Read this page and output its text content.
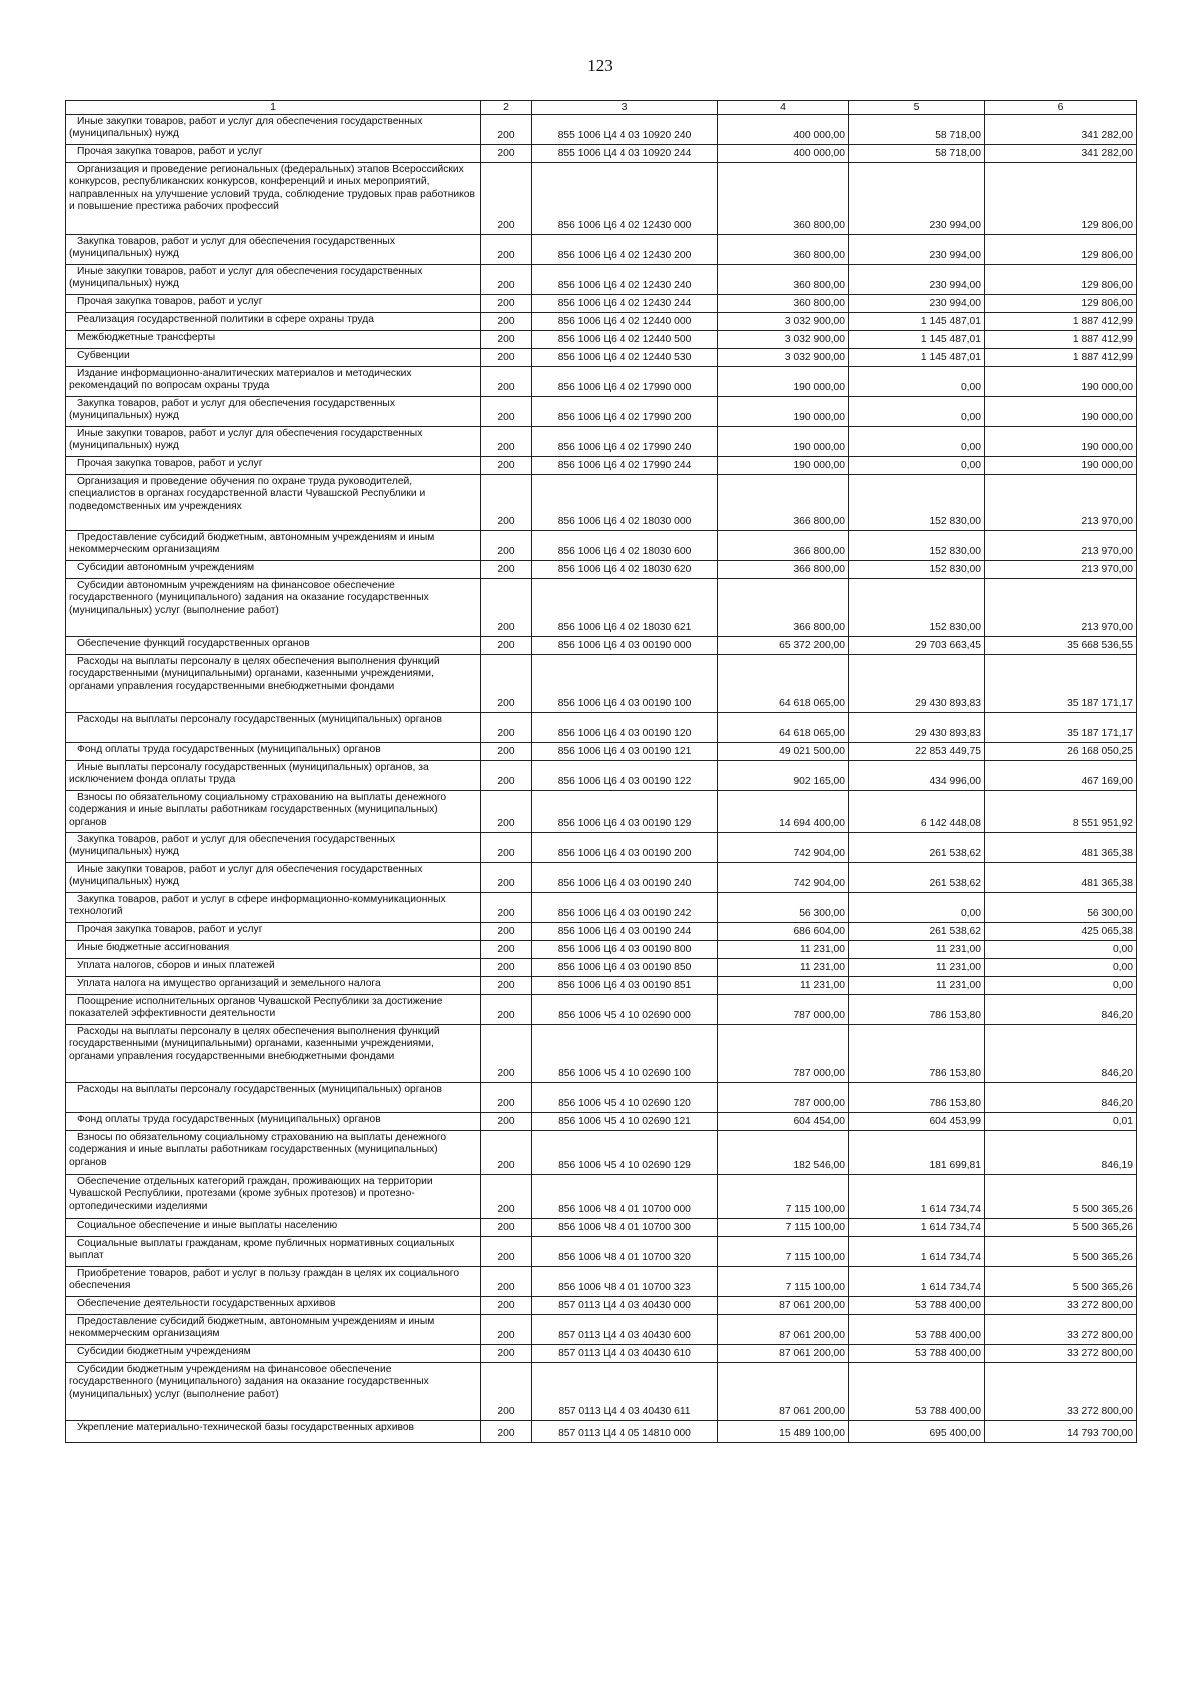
123
1	2	3	4	5	6
Иные закупки товаров, работ и услуг для обеспечения государственных (муниципальных) нужд	200	855 1006 Ц4 4 03 10920 240	400 000,00	58 718,00	341 282,00
Прочая закупка товаров, работ и услуг	200	855 1006 Ц4 4 03 10920 244	400 000,00	58 718,00	341 282,00
Организация и проведение региональных (федеральных) этапов Всероссийских конкурсов, республиканских конкурсов, конференций и иных мероприятий, направленных на улучшение условий труда, соблюдение трудовых прав работников и повышение престижа рабочих профессий	200	856 1006 Ц6 4 02 12430 000	360 800,00	230 994,00	129 806,00
Закупка товаров, работ и услуг для обеспечения государственных (муниципальных) нужд	200	856 1006 Ц6 4 02 12430 200	360 800,00	230 994,00	129 806,00
Иные закупки товаров, работ и услуг для обеспечения государственных (муниципальных) нужд	200	856 1006 Ц6 4 02 12430 240	360 800,00	230 994,00	129 806,00
Прочая закупка товаров, работ и услуг	200	856 1006 Ц6 4 02 12430 244	360 800,00	230 994,00	129 806,00
Реализация государственной политики в сфере охраны труда	200	856 1006 Ц6 4 02 12440 000	3 032 900,00	1 145 487,01	1 887 412,99
Межбюджетные трансферты	200	856 1006 Ц6 4 02 12440 500	3 032 900,00	1 145 487,01	1 887 412,99
Субвенции	200	856 1006 Ц6 4 02 12440 530	3 032 900,00	1 145 487,01	1 887 412,99
Издание информационно-аналитических материалов и методических рекомендаций по вопросам охраны труда	200	856 1006 Ц6 4 02 17990 000	190 000,00	0,00	190 000,00
Закупка товаров, работ и услуг для обеспечения государственных (муниципальных) нужд	200	856 1006 Ц6 4 02 17990 200	190 000,00	0,00	190 000,00
Иные закупки товаров, работ и услуг для обеспечения государственных (муниципальных) нужд	200	856 1006 Ц6 4 02 17990 240	190 000,00	0,00	190 000,00
Прочая закупка товаров, работ и услуг	200	856 1006 Ц6 4 02 17990 244	190 000,00	0,00	190 000,00
Организация и проведение обучения по охране труда руководителей, специалистов в органах государственной власти Чувашской Республики и подведомственных им учреждениях	200	856 1006 Ц6 4 02 18030 000	366 800,00	152 830,00	213 970,00
Предоставление субсидий бюджетным, автономным учреждениям и иным некоммерческим организациям	200	856 1006 Ц6 4 02 18030 600	366 800,00	152 830,00	213 970,00
Субсидии автономным учреждениям	200	856 1006 Ц6 4 02 18030 620	366 800,00	152 830,00	213 970,00
Субсидии автономным учреждениям на финансовое обеспечение государственного (муниципального) задания на оказание государственных (муниципальных) услуг (выполнение работ)	200	856 1006 Ц6 4 02 18030 621	366 800,00	152 830,00	213 970,00
Обеспечение функций государственных органов	200	856 1006 Ц6 4 03 00190 000	65 372 200,00	29 703 663,45	35 668 536,55
Расходы на выплаты персоналу в целях обеспечения выполнения функций государственными (муниципальными) органами, казенными учреждениями, органами управления государственными внебюджетными фондами	200	856 1006 Ц6 4 03 00190 100	64 618 065,00	29 430 893,83	35 187 171,17
Расходы на выплаты персоналу государственных (муниципальных) органов	200	856 1006 Ц6 4 03 00190 120	64 618 065,00	29 430 893,83	35 187 171,17
Фонд оплаты труда государственных (муниципальных) органов	200	856 1006 Ц6 4 03 00190 121	49 021 500,00	22 853 449,75	26 168 050,25
Иные выплаты персоналу государственных (муниципальных) органов, за исключением фонда оплаты труда	200	856 1006 Ц6 4 03 00190 122	902 165,00	434 996,00	467 169,00
Взносы по обязательному социальному страхованию на выплаты денежного содержания и иные выплаты работникам государственных (муниципальных) органов	200	856 1006 Ц6 4 03 00190 129	14 694 400,00	6 142 448,08	8 551 951,92
Закупка товаров, работ и услуг для обеспечения государственных (муниципальных) нужд	200	856 1006 Ц6 4 03 00190 200	742 904,00	261 538,62	481 365,38
Иные закупки товаров, работ и услуг для обеспечения государственных (муниципальных) нужд	200	856 1006 Ц6 4 03 00190 240	742 904,00	261 538,62	481 365,38
Закупка товаров, работ и услуг в сфере информационно-коммуникационных технологий	200	856 1006 Ц6 4 03 00190 242	56 300,00	0,00	56 300,00
Прочая закупка товаров, работ и услуг	200	856 1006 Ц6 4 03 00190 244	686 604,00	261 538,62	425 065,38
Иные бюджетные ассигнования	200	856 1006 Ц6 4 03 00190 800	11 231,00	11 231,00	0,00
Уплата налогов, сборов и иных платежей	200	856 1006 Ц6 4 03 00190 850	11 231,00	11 231,00	0,00
Уплата налога на имущество организаций и земельного налога	200	856 1006 Ц6 4 03 00190 851	11 231,00	11 231,00	0,00
Поощрение исполнительных органов Чувашской Республики за достижение показателей эффективности деятельности	200	856 1006 Ч5 4 10 02690 000	787 000,00	786 153,80	846,20
Расходы на выплаты персоналу в целях обеспечения выполнения функций государственными (муниципальными) органами, казенными учреждениями, органами управления государственными внебюджетными фондами	200	856 1006 Ч5 4 10 02690 100	787 000,00	786 153,80	846,20
Расходы на выплаты персоналу государственных (муниципальных) органов	200	856 1006 Ч5 4 10 02690 120	787 000,00	786 153,80	846,20
Фонд оплаты труда государственных (муниципальных) органов	200	856 1006 Ч5 4 10 02690 121	604 454,00	604 453,99	0,01
Взносы по обязательному социальному страхованию на выплаты денежного содержания и иные выплаты работникам государственных (муниципальных) органов	200	856 1006 Ч5 4 10 02690 129	182 546,00	181 699,81	846,19
Обеспечение отдельных категорий граждан, проживающих на территории Чувашской Республики, протезами (кроме зубных протезов) и протезно-ортопедическими изделиями	200	856 1006 Ч8 4 01 10700 000	7 115 100,00	1 614 734,74	5 500 365,26
Социальное обеспечение и иные выплаты населению	200	856 1006 Ч8 4 01 10700 300	7 115 100,00	1 614 734,74	5 500 365,26
Социальные выплаты гражданам, кроме публичных нормативных социальных выплат	200	856 1006 Ч8 4 01 10700 320	7 115 100,00	1 614 734,74	5 500 365,26
Приобретение товаров, работ и услуг в пользу граждан в целях их социального обеспечения	200	856 1006 Ч8 4 01 10700 323	7 115 100,00	1 614 734,74	5 500 365,26
Обеспечение деятельности государственных архивов	200	857 0113 Ц4 4 03 40430 000	87 061 200,00	53 788 400,00	33 272 800,00
Предоставление субсидий бюджетным, автономным учреждениям и иным некоммерческим организациям	200	857 0113 Ц4 4 03 40430 600	87 061 200,00	53 788 400,00	33 272 800,00
Субсидии бюджетным учреждениям	200	857 0113 Ц4 4 03 40430 610	87 061 200,00	53 788 400,00	33 272 800,00
Субсидии бюджетным учреждениям на финансовое обеспечение государственного (муниципального) задания на оказание государственных (муниципальных) услуг (выполнение работ)	200	857 0113 Ц4 4 03 40430 611	87 061 200,00	53 788 400,00	33 272 800,00
Укрепление материально-технической базы государственных архивов	200	857 0113 Ц4 4 05 14810 000	15 489 100,00	695 400,00	14 793 700,00
